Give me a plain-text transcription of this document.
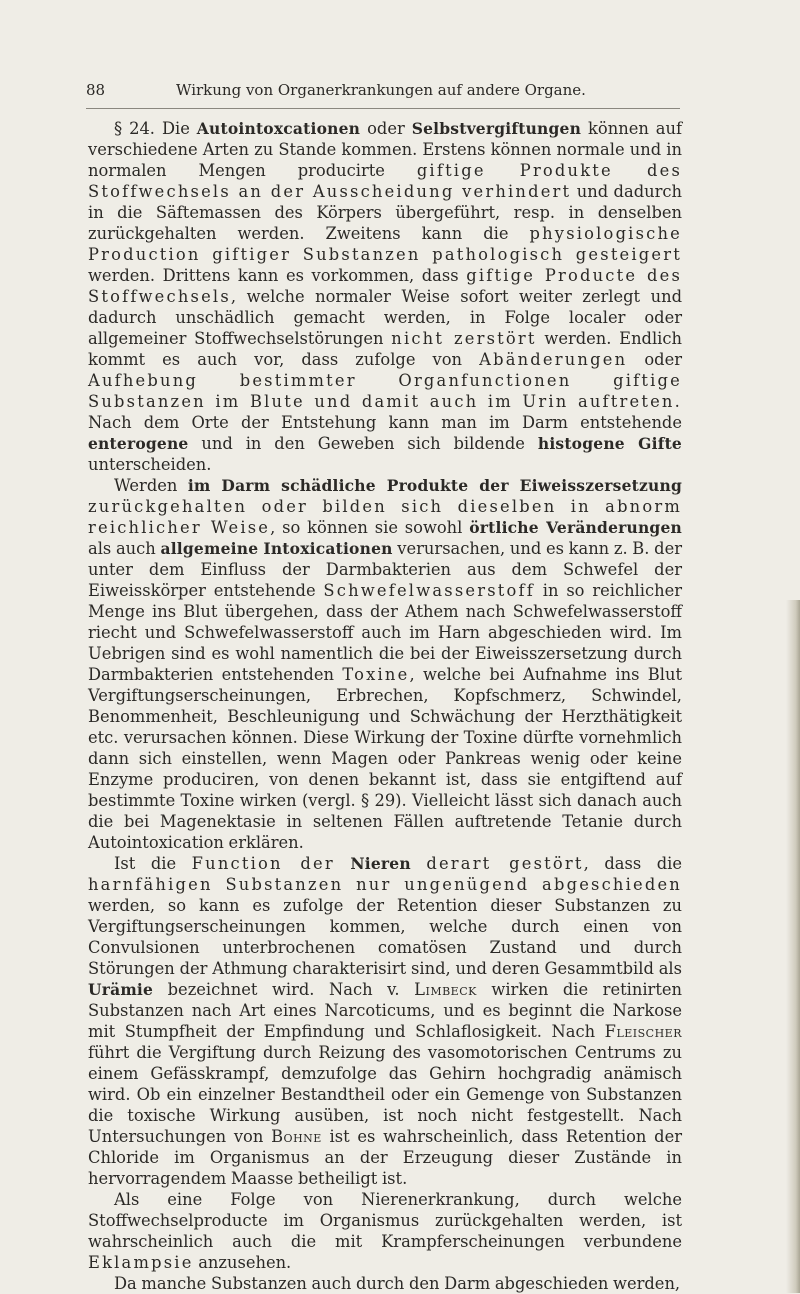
88	Wirkung von Organerkrankungen auf andere Organe.

§ 24. Die Autointoxcationen oder Selbstvergiftungen können auf verschiedene Arten zu Stande kommen. Erstens können normale und in normalen Mengen producirte giftige Produkte des Stoffwechsels an der Ausscheidung verhindert und dadurch in die Säftemassen des Körpers übergeführt, resp. in denselben zurückgehalten werden. Zweitens kann die physiologische Production giftiger Substanzen pathologisch gesteigert werden. Drittens kann es vorkommen, dass giftige Producte des Stoffwechsels, welche normaler Weise sofort weiter zerlegt und dadurch unschädlich gemacht werden, in Folge localer oder allgemeiner Stoffwechselstörungen nicht zerstört werden. Endlich kommt es auch vor, dass zufolge von Abänderungen oder Aufhebung bestimmter Organfunctionen giftige Substanzen im Blute und damit auch im Urin auftreten. Nach dem Orte der Entstehung kann man im Darm entstehende enterogene und in den Geweben sich bildende histogene Gifte unterscheiden.

Werden im Darm schädliche Produkte der Eiweisszersetzung zurückgehalten oder bilden sich dieselben in abnorm reichlicher Weise, so können sie sowohl örtliche Veränderungen als auch allgemeine Intoxicationen verursachen, und es kann z. B. der unter dem Einfluss der Darmbakterien aus dem Schwefel der Eiweisskörper entstehende Schwefelwasserstoff in so reichlicher Menge ins Blut übergehen, dass der Athem nach Schwefelwasserstoff riecht und Schwefelwasserstoff auch im Harn abgeschieden wird. Im Uebrigen sind es wohl namentlich die bei der Eiweisszersetzung durch Darmbakterien entstehenden Toxine, welche bei Aufnahme ins Blut Vergiftungserscheinungen, Erbrechen, Kopfschmerz, Schwindel, Benommenheit, Beschleunigung und Schwächung der Herzthätigkeit etc. verursachen können. Diese Wirkung der Toxine dürfte vornehmlich dann sich einstellen, wenn Magen oder Pankreas wenig oder keine Enzyme produciren, von denen bekannt ist, dass sie entgiftend auf bestimmte Toxine wirken (vergl. § 29). Vielleicht lässt sich danach auch die bei Magenektasie in seltenen Fällen auftretende Tetanie durch Autointoxication erklären.

Ist die Function der Nieren derart gestört, dass die harnfähigen Substanzen nur ungenügend abgeschieden werden, so kann es zufolge der Retention dieser Substanzen zu Vergiftungserscheinungen kommen, welche durch einen von Convulsionen unterbrochenen comatösen Zustand und durch Störungen der Athmung charakterisirt sind, und deren Gesammtbild als Urämie bezeichnet wird. Nach v. Limbeck wirken die retinirten Substanzen nach Art eines Narcoticums, und es beginnt die Narkose mit Stumpfheit der Empfindung und Schlaflosigkeit. Nach Fleischer führt die Vergiftung durch Reizung des vasomotorischen Centrums zu einem Gefässkrampf, demzufolge das Gehirn hochgradig anämisch wird. Ob ein einzelner Bestandtheil oder ein Gemenge von Substanzen die toxische Wirkung ausüben, ist noch nicht festgestellt. Nach Untersuchungen von Bohne ist es wahrscheinlich, dass Retention der Chloride im Organismus an der Erzeugung dieser Zustände in hervorragendem Maasse betheiligt ist.

Als eine Folge von Nierenerkrankung, durch welche Stoffwechselproducte im Organismus zurückgehalten werden, ist wahrscheinlich auch die mit Krampferscheinungen verbundene Eklampsie anzusehen.

Da manche Substanzen auch durch den Darm abgeschieden werden,
